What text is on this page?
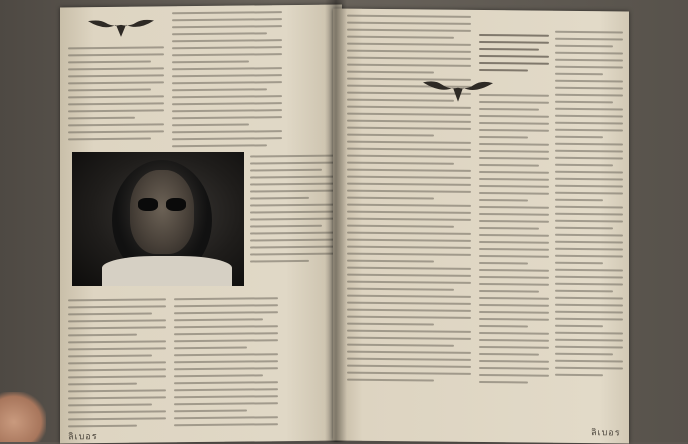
ลิเบอร	ลิเบอร
